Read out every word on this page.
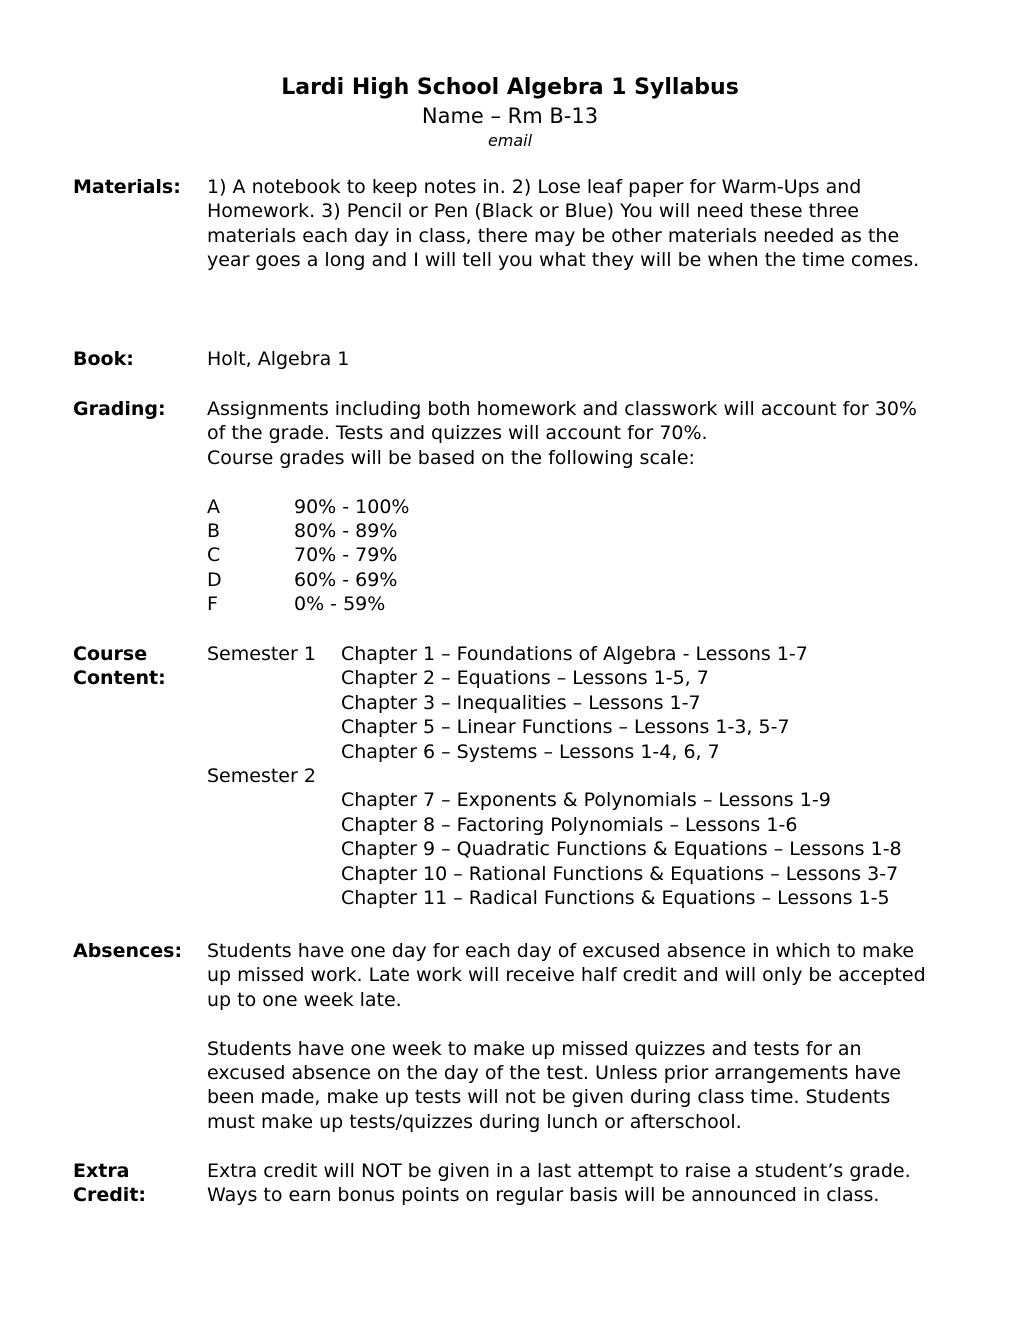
Lardi High School Algebra 1 Syllabus
Name – Rm B-13
email
Materials:	1) A notebook to keep notes in. 2) Lose leaf paper for Warm-Ups and Homework. 3) Pencil or Pen (Black or Blue) You will need these three materials each day in class, there may be other materials needed as the year goes a long and I will tell you what they will be when the time comes.

Book:	Holt, Algebra 1

Grading:	Assignments including both homework and classwork will account for 30% of the grade. Tests and quizzes will account for 70%.

Course grades will be based on the following scale:

A	90% - 100%
B	80% - 89%
C	70% - 79%
D	60% - 69%
F	0% - 59%
Course
Content:
Semester 1	Chapter 1 – Foundations of Algebra - Lessons 1-7
Chapter 2 – Equations – Lessons 1-5, 7
Chapter 3 – Inequalities – Lessons 1-7
Chapter 5 – Linear Functions – Lessons 1-3, 5-7
Chapter 6 – Systems – Lessons 1-4, 6, 7
Semester 2
Chapter 7 – Exponents & Polynomials – Lessons 1-9
Chapter 8 – Factoring Polynomials – Lessons 1-6
Chapter 9 – Quadratic Functions & Equations – Lessons 1-8
Chapter 10 – Rational Functions & Equations – Lessons 3-7
Chapter 11 – Radical Functions & Equations – Lessons 1-5
Absences:	Students have one day for each day of excused absence in which to make up missed work. Late work will receive half credit and will only be accepted up to one week late.

Students have one week to make up missed quizzes and tests for an excused absence on the day of the test. Unless prior arrangements have been made, make up tests will not be given during class time. Students must make up tests/quizzes during lunch or afterschool.

Extra
Credit:

Extra credit will NOT be given in a last attempt to raise a student’s grade.

Ways to earn bonus points on regular basis will be announced in class.
